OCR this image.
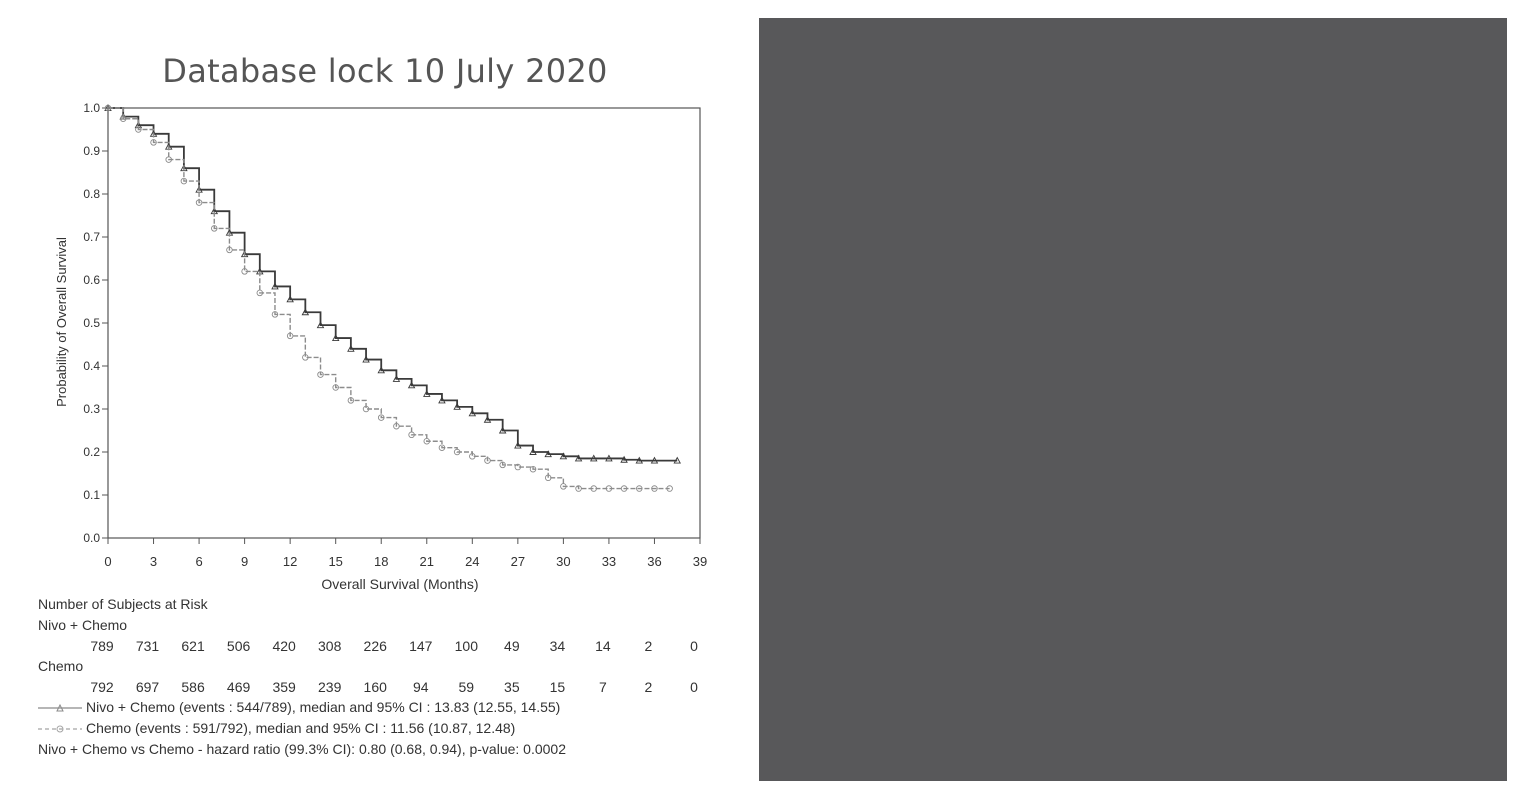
Database lock 10 July 2020
0	3	6	9	12 15 18 21 24 27 30 33 36 39
0.0
0.1
0.2
0.3
0.4
0.5
0.6
0.7
0.8
0.9
1.0
Probability of Overall Survival
Overall Survival (Months)
Number of Subjects at Risk
Nivo + Chemo
789 731 621 506 420 308 226 147 100 49 34 14 2	0
Chemo
792 697 586 469 359 239 160 94 59 35 15 7	2	0
Nivo + Chemo (events : 544/789), median and 95% CI : 13.83 (12.55, 14.55)
Chemo (events : 591/792), median and 95% CI : 11.56 (10.87, 12.48)
Nivo + Chemo vs Chemo - hazard ratio (99.3% CI): 0.80 (0.68, 0.94), p-value: 0.0002
